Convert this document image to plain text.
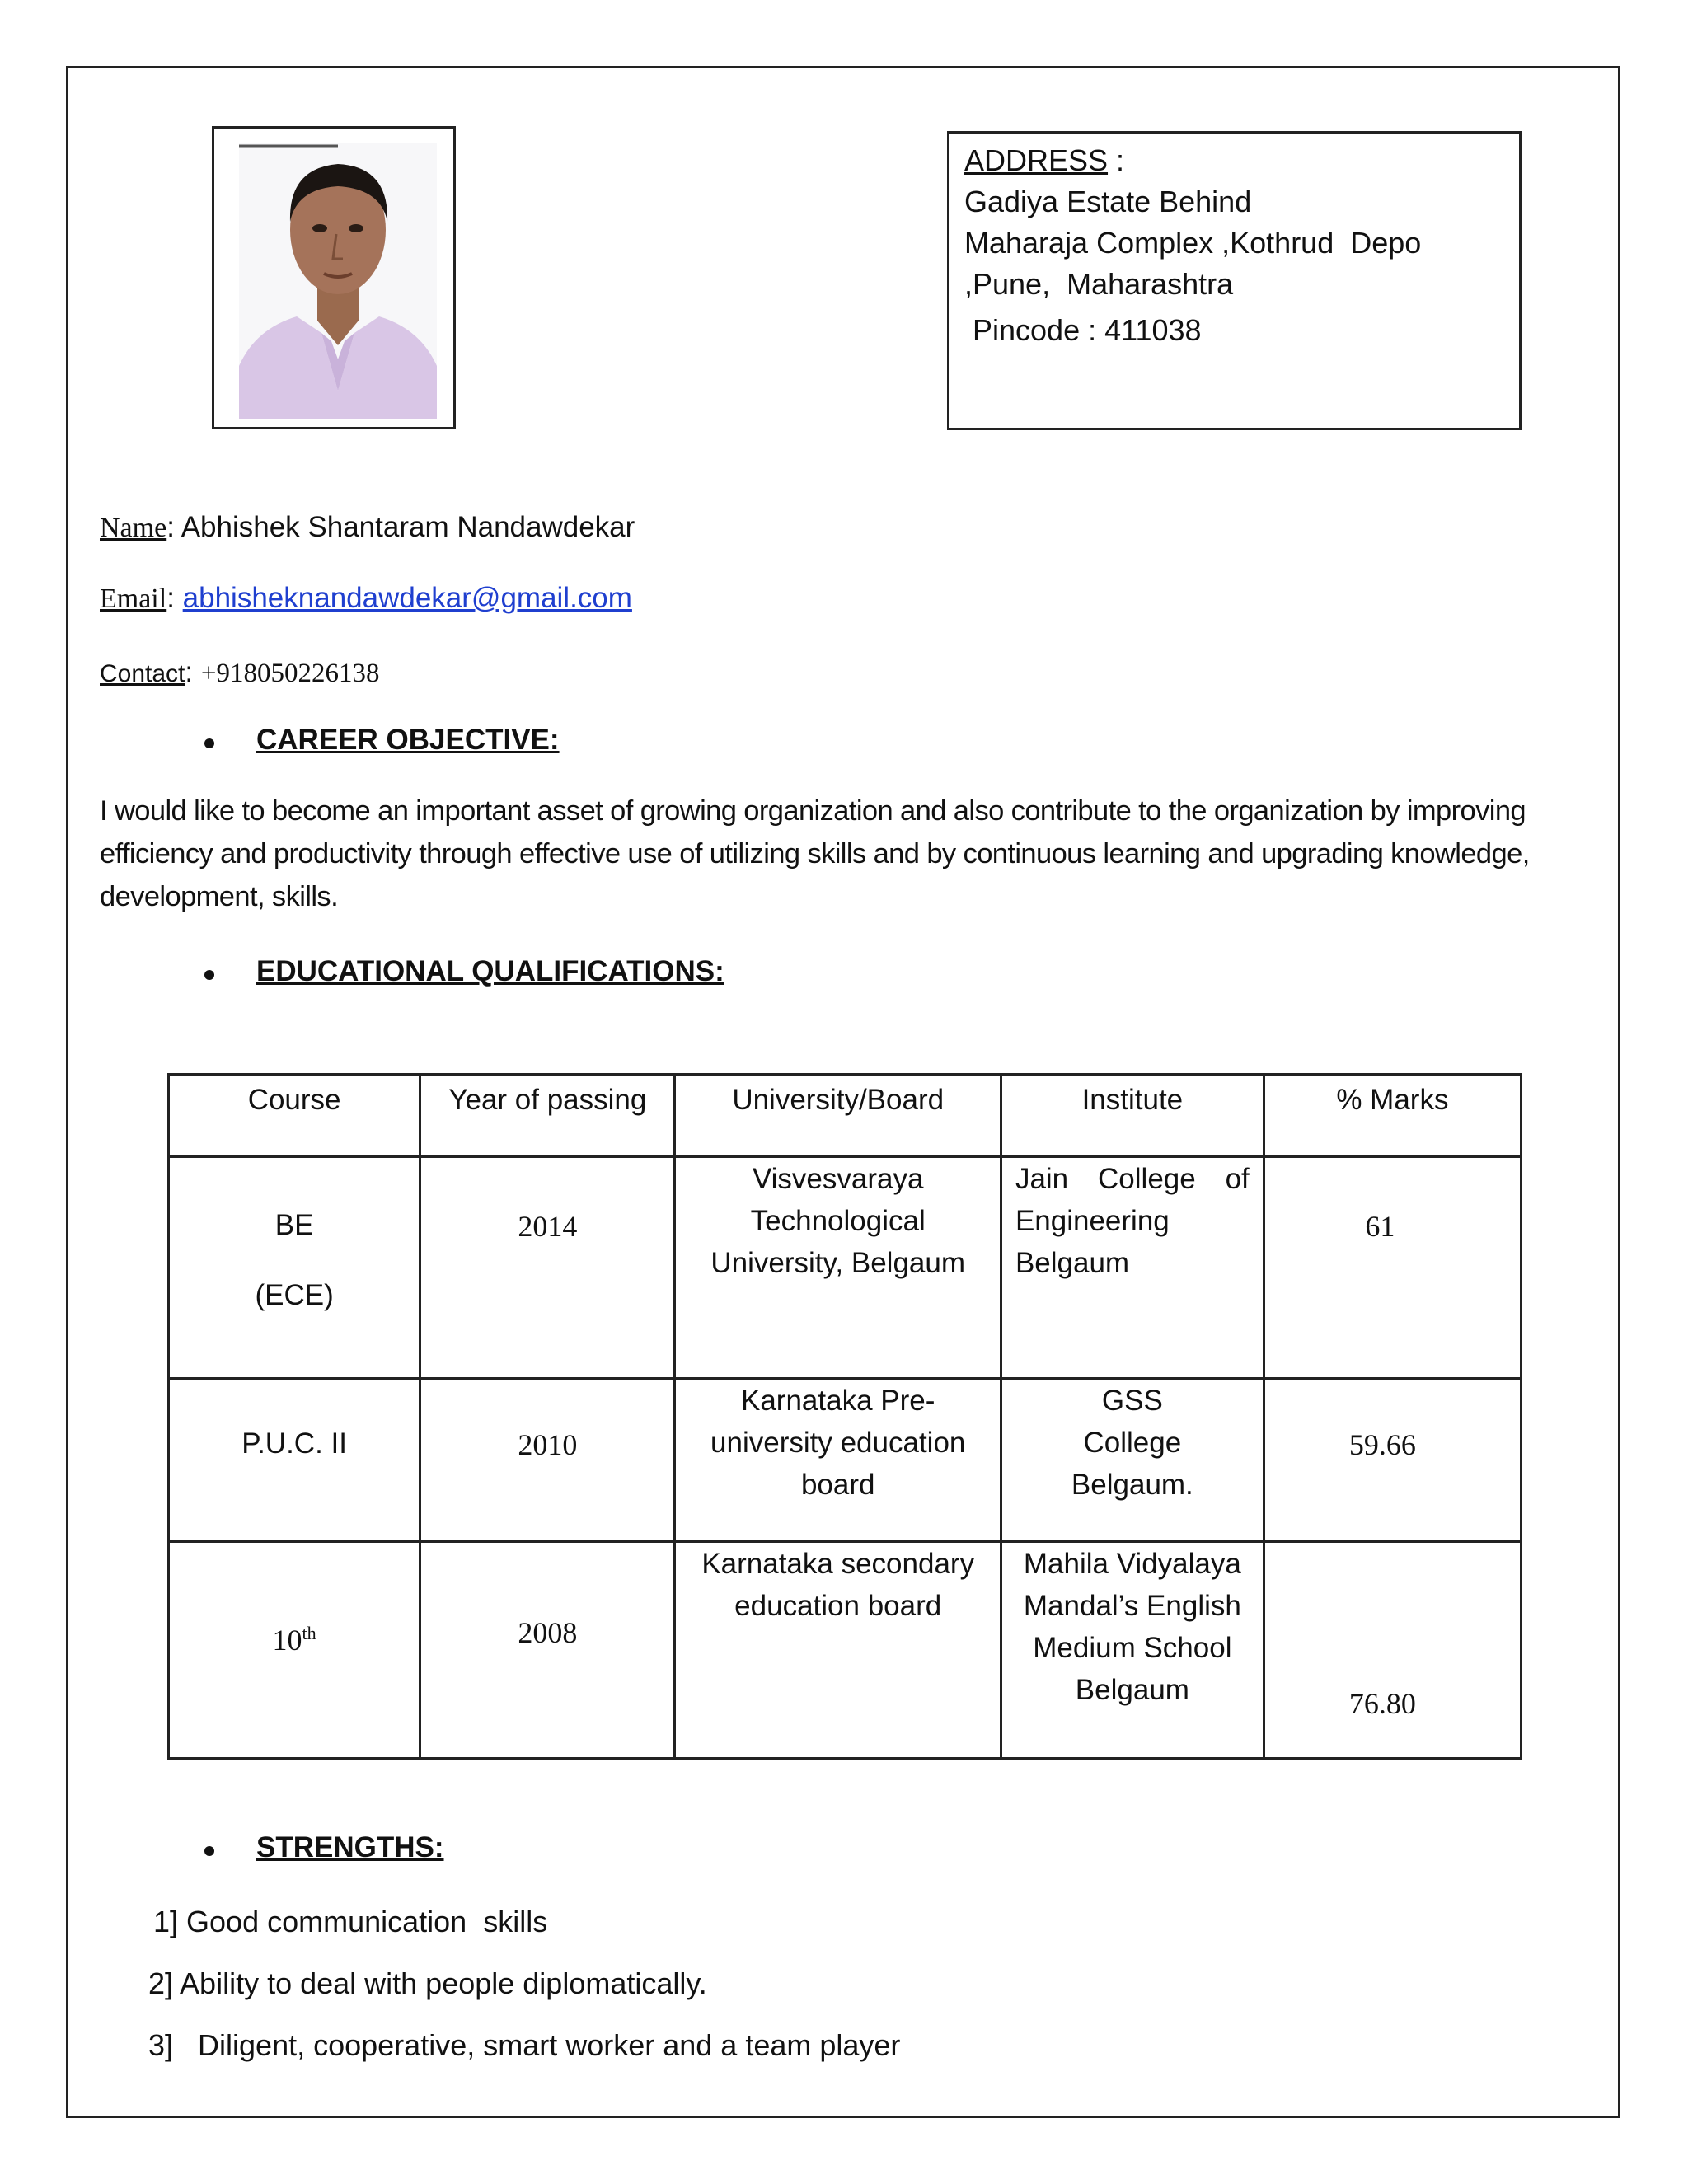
ADDRESS :
Gadiya Estate Behind
Maharaja Complex ,Kothrud  Depo
,Pune,  Maharashtra
Pincode : 411038
Name: Abhishek Shantaram Nandawdekar
Email: abhisheknandawdekar@gmail.com
Contact: +918050226138
CAREER OBJECTIVE:
I would like to become an important asset of growing organization and also contribute to the organization by improving efficiency and productivity through effective use of utilizing skills and by continuous learning and upgrading knowledge, development, skills.
EDUCATIONAL QUALIFICATIONS:
Course	Year of passing	University/Board	Institute	% Marks

BE
(ECE)	2014	Visvesvaraya Technological University, Belgaum	Jain College of Engineering Belgaum	61

P.U.C. II	2010	Karnataka Pre-university education board	GSS College Belgaum.	59.66

10th	2008	Karnataka secondary education board	Mahila Vidyalaya Mandal’s English Medium School Belgaum	76.80
STRENGTHS:
1] Good communication  skills
2] Ability to deal with people diplomatically.
3]   Diligent, cooperative, smart worker and a team player
